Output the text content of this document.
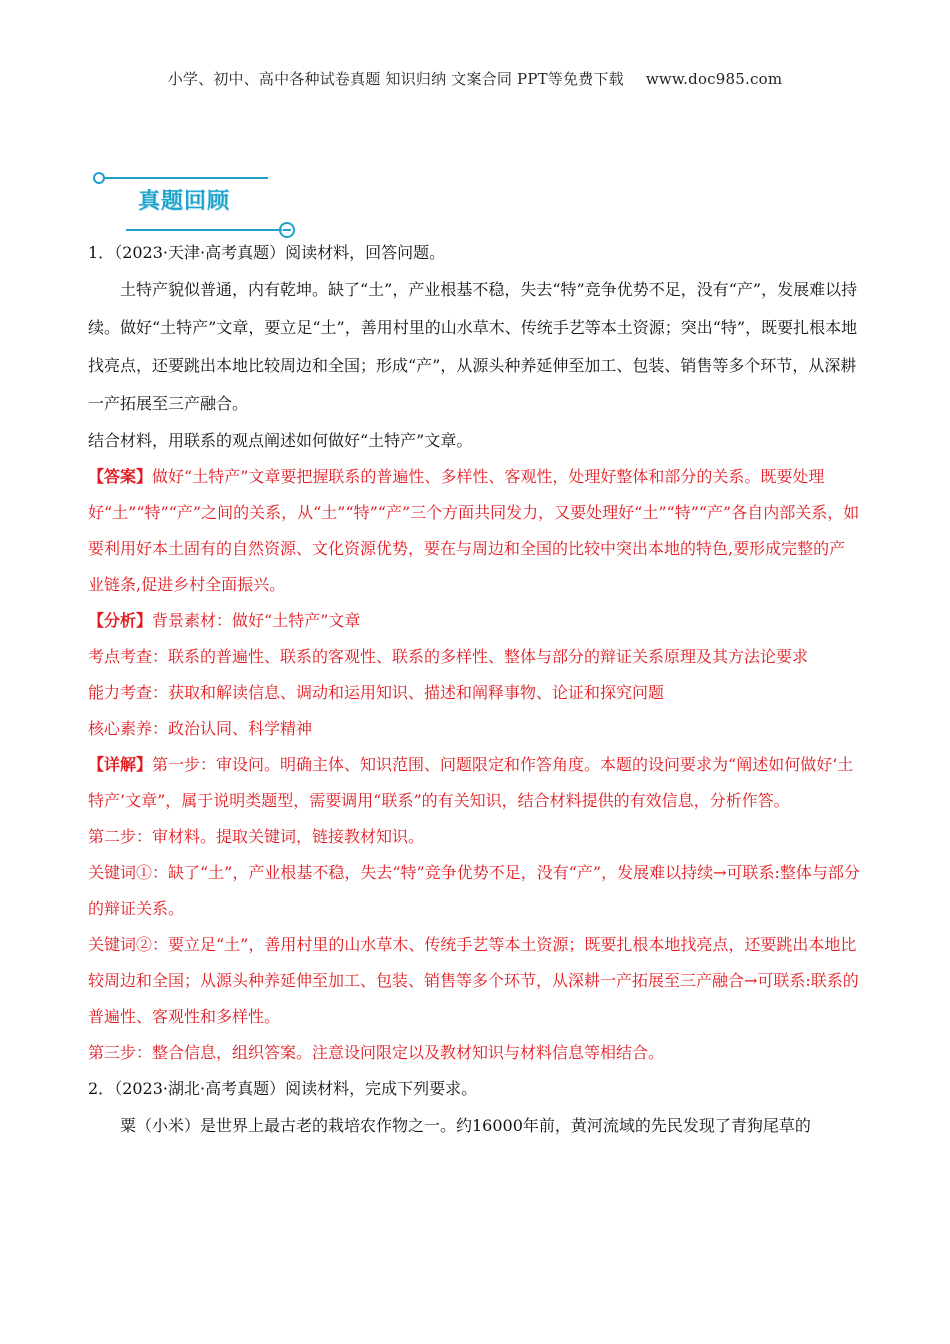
小学、初中、高中各种试卷真题 知识归纳 文案合同 PPT等免费下载 www.doc985.com
真题回顾

1．（2023·天津·高考真题）阅读材料，回答问题。

土特产貌似普通，内有乾坤。缺了“土”，产业根基不稳，失去“特”竞争优势不足，没有“产”，发展难以持续。做好“土特产”文章，要立足“土”，善用村里的山水草木、传统手艺等本土资源；突出“特”，既要扎根本地找亮点，还要跳出本地比较周边和全国；形成“产”，从源头种养延伸至加工、包装、销售等多个环节，从深耕一产拓展至三产融合。

结合材料，用联系的观点阐述如何做好“土特产”文章。

【答案】做好“土特产”文章要把握联系的普遍性、多样性、客观性，处理好整体和部分的关系。既要处理好“土”“特”“产”之间的关系，从“土”“特”“产”三个方面共同发力，又要处理好“土”“特”“产”各自内部关系，如要利用好本土固有的自然资源、文化资源优势，要在与周边和全国的比较中突出本地的特色,要形成完整的产业链条,促进乡村全面振兴。

【分析】背景素材：做好“土特产”文章

考点考查：联系的普遍性、联系的客观性、联系的多样性、整体与部分的辩证关系原理及其方法论要求

能力考查：获取和解读信息、调动和运用知识、描述和阐释事物、论证和探究问题

核心素养：政治认同、科学精神

【详解】第一步：审设问。明确主体、知识范围、问题限定和作答角度。本题的设问要求为“阐述如何做好‘土特产’文章”，属于说明类题型，需要调用“联系”的有关知识，结合材料提供的有效信息，分析作答。

第二步：审材料。提取关键词，链接教材知识。

关键词①：缺了“土”，产业根基不稳，失去“特”竞争优势不足，没有“产”，发展难以持续→可联系:整体与部分的辩证关系。

关键词②：要立足“土”，善用村里的山水草木、传统手艺等本土资源；既要扎根本地找亮点，还要跳出本地比较周边和全国；从源头种养延伸至加工、包装、销售等多个环节，从深耕一产拓展至三产融合→可联系:联系的普遍性、客观性和多样性。

第三步：整合信息，组织答案。注意设问限定以及教材知识与材料信息等相结合。

2．（2023·湖北·高考真题）阅读材料，完成下列要求。

粟（小米）是世界上最古老的栽培农作物之一。约16000年前，黄河流域的先民发现了青狗尾草的
